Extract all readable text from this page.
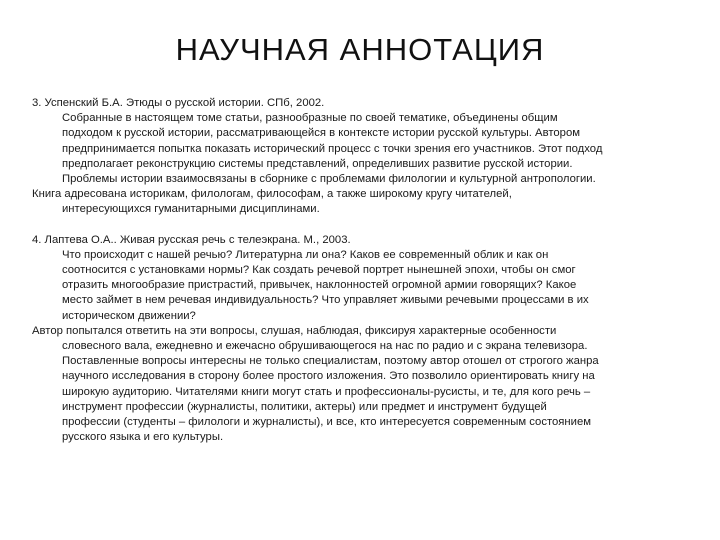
НАУЧНАЯ АННОТАЦИЯ
3. Успенский Б.А. Этюды о русской истории. СПб, 2002.
Собранные в настоящем томе статьи, разнообразные по своей тематике, объединены общим
подходом к русской истории, рассматривающейся в контексте истории русской культуры. Автором
предпринимается попытка показать исторический процесс с точки зрения его участников. Этот подход
предполагает реконструкцию системы представлений, определивших развитие русской истории.
Проблемы истории взаимосвязаны в сборнике с проблемами филологии и культурной антропологии.
Книга адресована историкам, филологам, философам, а также широкому кругу читателей,
интересующихся гуманитарными дисциплинами.
4. Лаптева О.А.. Живая русская речь с телеэкрана. М., 2003.
Что происходит с нашей речью? Литературна ли она? Каков ее современный облик и как он
соотносится с установками нормы? Как создать речевой портрет нынешней эпохи, чтобы он смог
отразить многообразие пристрастий, привычек, наклонностей огромной армии говорящих? Какое
место займет в нем речевая индивидуальность? Что управляет живыми речевыми процессами в их
историческом движении?
Автор попытался ответить на эти вопросы, слушая, наблюдая, фиксируя характерные особенности
словесного вала, ежедневно и ежечасно обрушивающегося на нас по радио и с экрана телевизора.
Поставленные вопросы интересны не только специалистам, поэтому автор отошел от строгого жанра
научного исследования в сторону более простого изложения. Это позволило ориентировать книгу на
широкую аудиторию. Читателями книги могут стать и профессионалы-русисты, и те, для кого речь –
инструмент профессии (журналисты, политики, актеры) или предмет и инструмент будущей
профессии (студенты – филологи и журналисты), и все, кто интересуется современным состоянием
русского языка и его культуры.
